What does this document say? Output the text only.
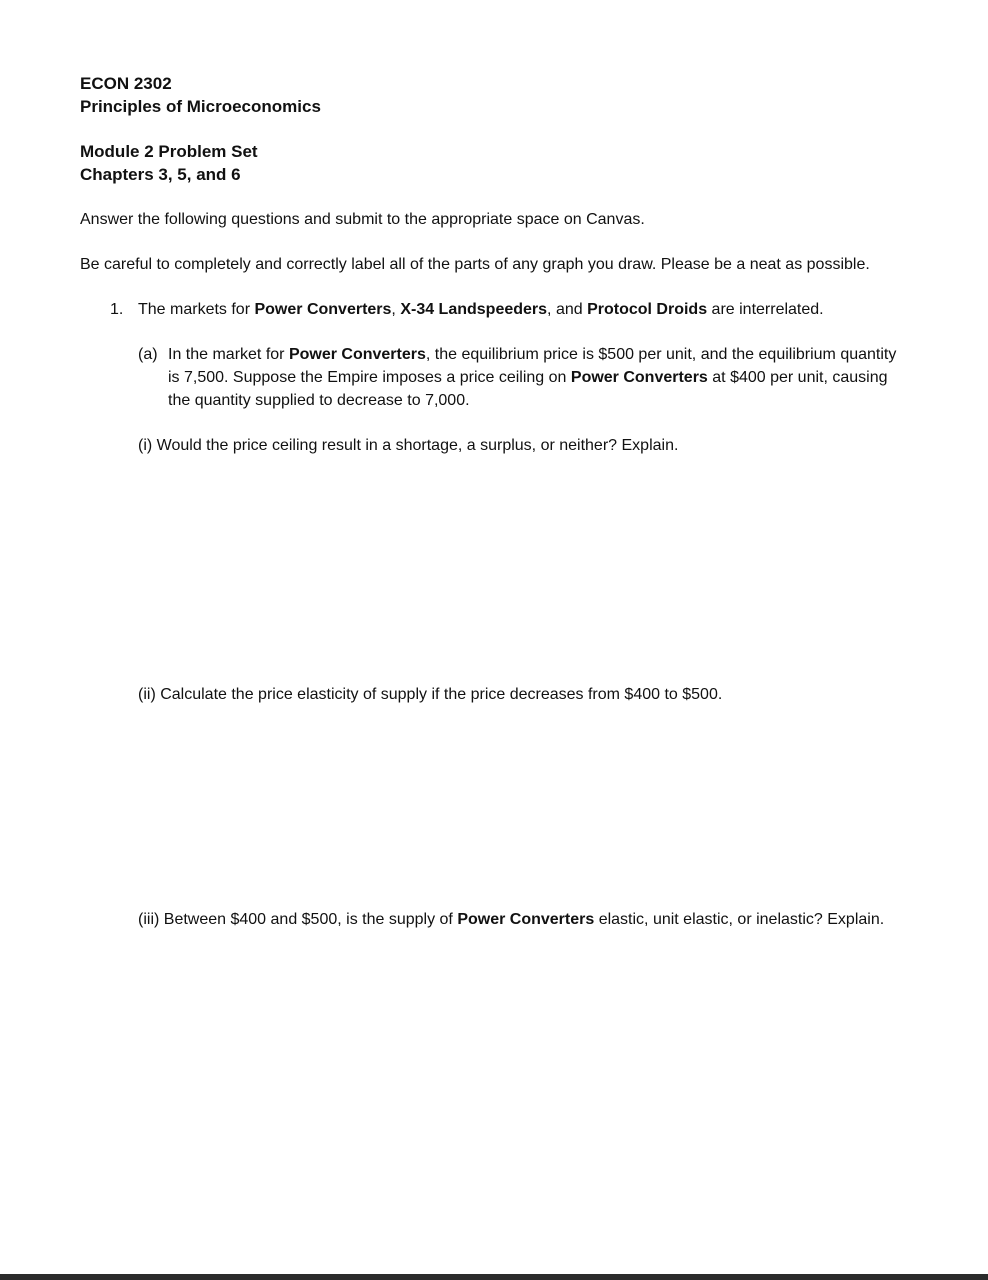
ECON 2302

Principles of Microeconomics

Module 2 Problem Set

Chapters 3, 5, and 6

Answer the following questions and submit to the appropriate space on Canvas.

Be careful to completely and correctly label all of the parts of any graph you draw. Please be a neat as possible.

1. The markets for Power Converters, X-34 Landspeeders, and Protocol Droids are interrelated.
(a) In the market for Power Converters, the equilibrium price is $500 per unit, and the equilibrium quantity is 7,500. Suppose the Empire imposes a price ceiling on Power Converters at $400 per unit, causing the quantity supplied to decrease to 7,000.

(i) Would the price ceiling result in a shortage, a surplus, or neither? Explain.

(ii) Calculate the price elasticity of supply if the price decreases from $400 to $500.

(iii) Between $400 and $500, is the supply of Power Converters elastic, unit elastic, or inelastic? Explain.
